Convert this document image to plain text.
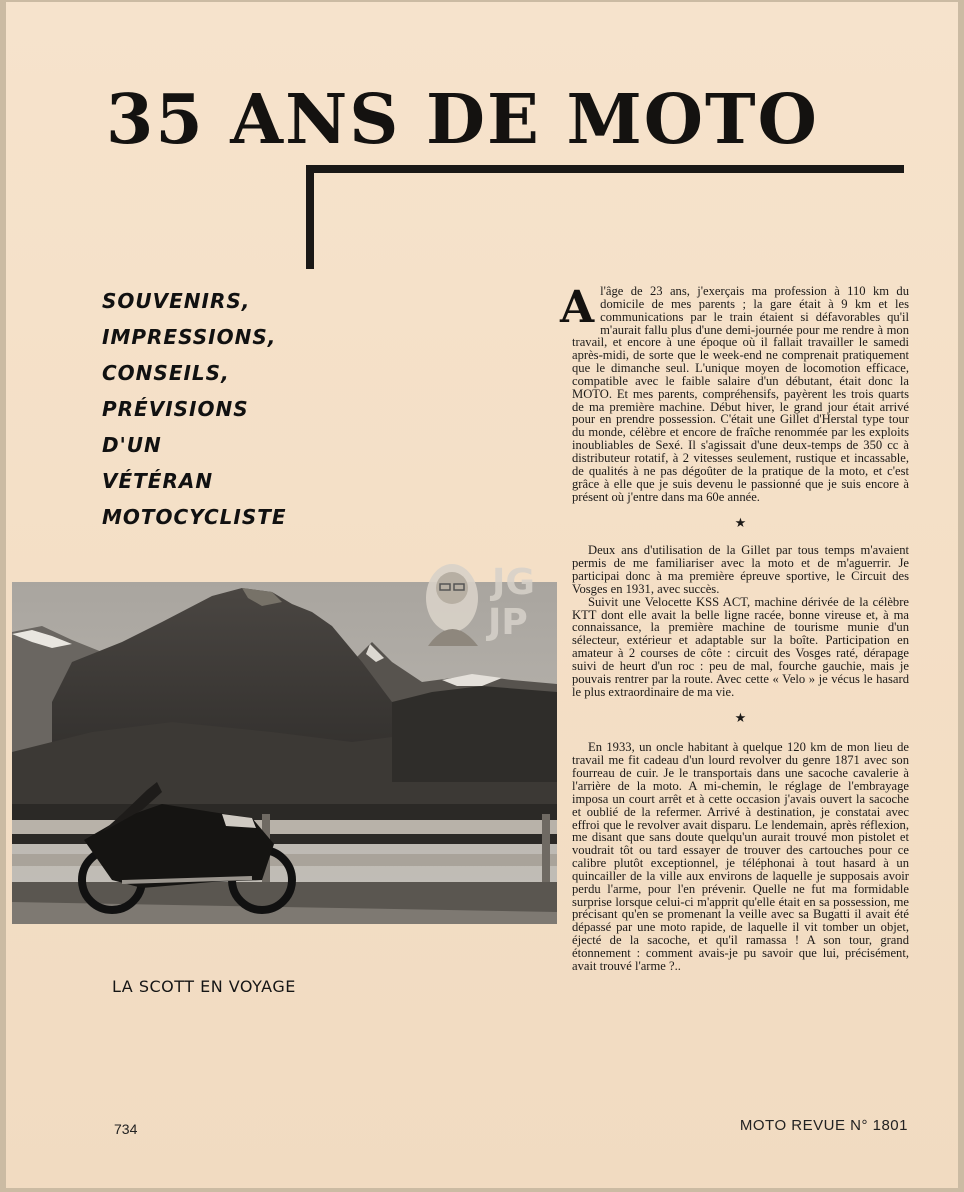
35 ANS DE MOTO
SOUVENIRS,
IMPRESSIONS,
CONSEILS,
PRÉVISIONS
D'UN
VÉTÉRAN
MOTOCYCLISTE
JG
JP
LA SCOTT EN VOYAGE

Al'âge de 23 ans, j'exerçais ma profession à 110 km du domicile de mes parents ; la gare était à 9 km et les communications par le train étaient si défavorables qu'il m'aurait fallu plus d'une demi-journée pour me rendre à mon travail, et encore à une époque où il fallait travailler le samedi après-midi, de sorte que le week-end ne comprenait pratiquement que le dimanche seul. L'unique moyen de locomotion efficace, compatible avec le faible salaire d'un débutant, était donc la MOTO. Et mes parents, compréhensifs, payèrent les trois quarts de ma première machine. Début hiver, le grand jour était arrivé pour en prendre possession. C'était une Gillet d'Herstal type tour du monde, célèbre et encore de fraîche renommée par les exploits inoubliables de Sexé. Il s'agissait d'une deux-temps de 350 cc à distributeur rotatif, à 2 vitesses seulement, rustique et incassable, de qualités à ne pas dégoûter de la pratique de la moto, et c'est grâce à elle que je suis devenu le passionné que je suis encore à présent où j'entre dans ma 60e année.

★

Deux ans d'utilisation de la Gillet par tous temps m'avaient permis de me familiariser avec la moto et de m'aguerrir. Je participai donc à ma première épreuve sportive, le Circuit des Vosges en 1931, avec succès.

Suivit une Velocette KSS ACT, machine dérivée de la célèbre KTT dont elle avait la belle ligne racée, bonne vireuse et, à ma connaissance, la première machine de tourisme munie d'un sélecteur, extérieur et adaptable sur la boîte. Participation en amateur à 2 courses de côte : circuit des Vosges raté, dérapage suivi de heurt d'un roc : peu de mal, fourche gauchie, mais je pouvais rentrer par la route. Avec cette « Velo » je vécus le hasard le plus extraordinaire de ma vie.

★

En 1933, un oncle habitant à quelque 120 km de mon lieu de travail me fit cadeau d'un lourd revolver du genre 1871 avec son fourreau de cuir. Je le transportais dans une sacoche cavalerie à l'arrière de la moto. A mi-chemin, le réglage de l'embrayage imposa un court arrêt et à cette occasion j'avais ouvert la sacoche et oublié de la refermer. Arrivé à destination, je constatai avec effroi que le revolver avait disparu. Le lendemain, après réflexion, me disant que sans doute quelqu'un aurait trouvé mon pistolet et voudrait tôt ou tard essayer de trouver des cartouches pour ce calibre plutôt exceptionnel, je téléphonai à tout hasard à un quincailler de la ville aux environs de laquelle je supposais avoir perdu l'arme, pour l'en prévenir. Quelle ne fut ma formidable surprise lorsque celui-ci m'apprit qu'elle était en sa possession, me précisant qu'en se promenant la veille avec sa Bugatti il avait été dépassé par une moto rapide, de laquelle il vit tomber un objet, éjecté de la sacoche, et qu'il ramassa ! A son tour, grand étonnement : comment avais-je pu savoir que lui, précisément, avait trouvé l'arme ?..

734	MOTO REVUE N° 1801
